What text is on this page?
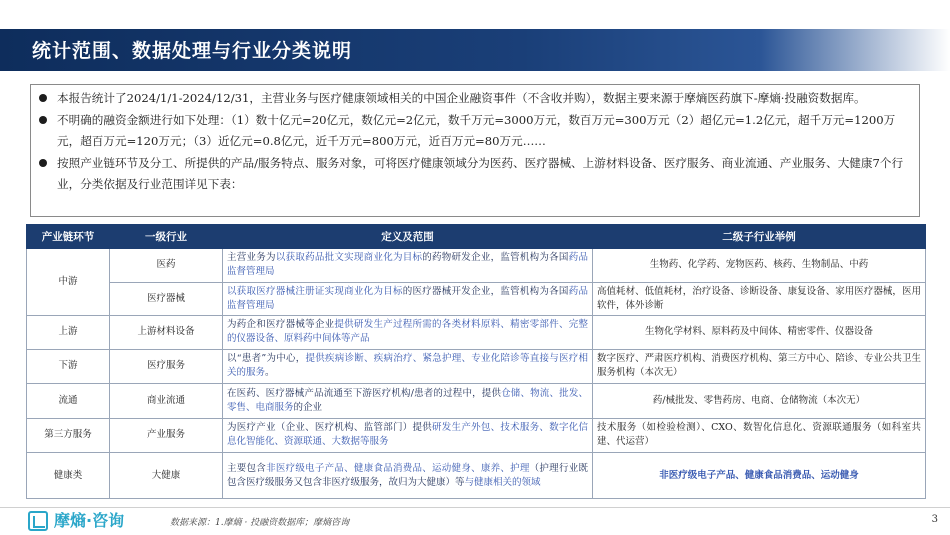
统计范围、数据处理与行业分类说明
本报告统计了2024/1/1-2024/12/31，主营业务与医疗健康领域相关的中国企业融资事件（不含收并购），数据主要来源于摩熵医药旗下-摩熵·投融资数据库。
不明确的融资金额进行如下处理：（1）数十亿元=20亿元，数亿元=2亿元，数千万元=3000万元，数百万元=300万元（2）超亿元=1.2亿元，超千万元=1200万元，超百万元=120万元；（3）近亿元=0.8亿元，近千万元=800万元，近百万元=80万元……
按照产业链环节及分工、所提供的产品/服务特点、服务对象，可将医疗健康领域分为医药、医疗器械、上游材料设备、医疗服务、商业流通、产业服务、大健康7个行业，分类依据及行业范围详见下表：
产业链环节	一级行业	定义及范围	二级子行业举例
中游	医药	主营业务为以获取药品批文实现商业化为目标的药物研发企业，监管机构为各国药品监督管理局	生物药、化学药、宠物医药、核药、生物制品、中药
	医疗器械	以获取医疗器械注册证实现商业化为目标的医疗器械开发企业，监管机构为各国药品监督管理局	高值耗材、低值耗材，治疗设备、诊断设备、康复设备、家用医疗器械，医用软件，体外诊断
上游	上游材料设备	为药企和医疗器械等企业提供研发生产过程所需的各类材料原料、精密零部件、完整的仪器设备、原料药中间体等产品	生物化学材料、原料药及中间体、精密零件、仪器设备
下游	医疗服务	以“患者”为中心，提供疾病诊断、疾病治疗、紧急护理、专业化陪诊等直接与医疗相关的服务。	数字医疗、严肃医疗机构、消费医疗机构、第三方中心、陪诊、专业公共卫生服务机构（本次无）
流通	商业流通	在医药、医疗器械产品流通至下游医疗机构/患者的过程中，提供仓储、物流、批发、零售、电商服务的企业	药/械批发、零售药房、电商、仓储物流（本次无）
第三方服务	产业服务	为医疗产业（企业、医疗机构、监管部门）提供研发生产外包、技术服务、数字化信息化智能化、资源联通、大数据等服务	技术服务（如检验检测）、CXO、数智化信息化、资源联通服务（如科室共建、代运营）
健康类	大健康	主要包含非医疗级电子产品、健康食品消费品、运动健身、康养、护理（护理行业既包含医疗级服务又包含非医疗级服务，故归为大健康）等与健康相关的领域	非医疗级电子产品、健康食品消费品、运动健身
摩熵·咨询	数据来源：1.摩熵 · 投融资数据库；摩熵咨询	3
